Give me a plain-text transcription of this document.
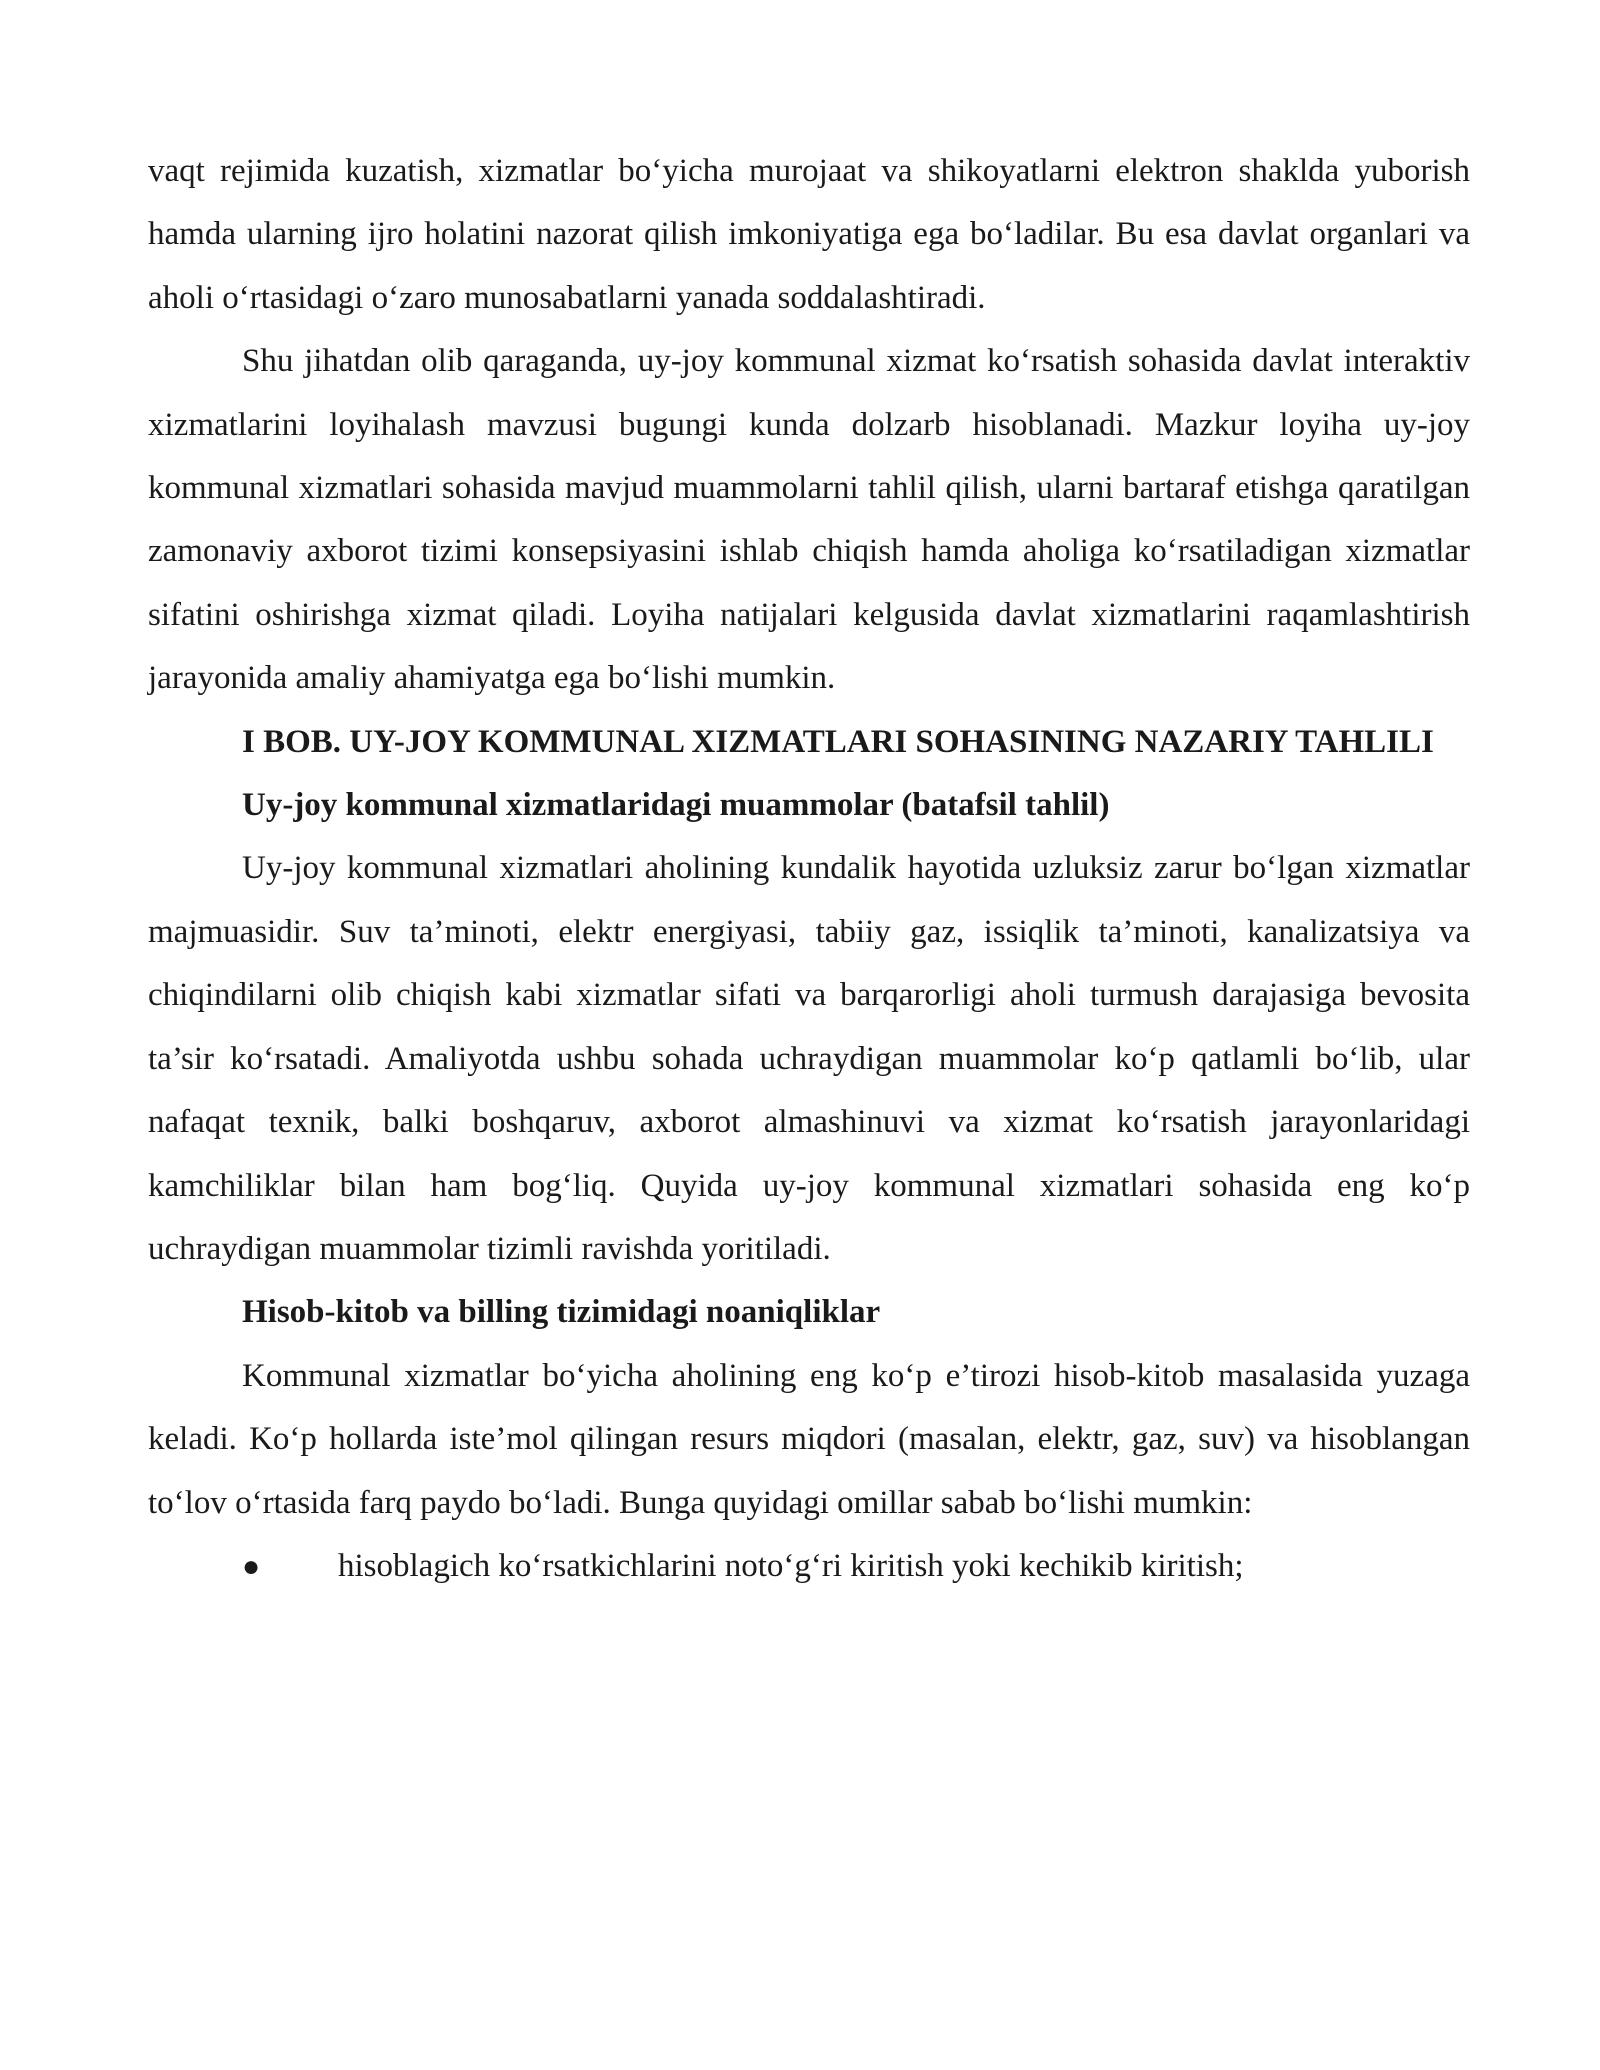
vaqt rejimida kuzatish, xizmatlar bo‘yicha murojaat va shikoyatlarni elektron shaklda yuborish hamda ularning ijro holatini nazorat qilish imkoniyatiga ega bo‘ladilar. Bu esa davlat organlari va aholi o‘rtasidagi o‘zaro munosabatlarni yanada soddalashtiradi.

Shu jihatdan olib qaraganda, uy-joy kommunal xizmat ko‘rsatish sohasida davlat interaktiv xizmatlarini loyihalash mavzusi bugungi kunda dolzarb hisoblanadi. Mazkur loyiha uy-joy kommunal xizmatlari sohasida mavjud muammolarni tahlil qilish, ularni bartaraf etishga qaratilgan zamonaviy axborot tizimi konsepsiyasini ishlab chiqish hamda aholiga ko‘rsatiladigan xizmatlar sifatini oshirishga xizmat qiladi. Loyiha natijalari kelgusida davlat xizmatlarini raqamlashtirish jarayonida amaliy ahamiyatga ega bo‘lishi mumkin.

I BOB. UY-JOY KOMMUNAL XIZMATLARI SOHASINING NAZARIY TAHLILI

Uy-joy kommunal xizmatlaridagi muammolar (batafsil tahlil)

Uy-joy kommunal xizmatlari aholining kundalik hayotida uzluksiz zarur bo‘lgan xizmatlar majmuasidir. Suv ta’minoti, elektr energiyasi, tabiiy gaz, issiqlik ta’minoti, kanalizatsiya va chiqindilarni olib chiqish kabi xizmatlar sifati va barqarorligi aholi turmush darajasiga bevosita ta’sir ko‘rsatadi. Amaliyotda ushbu sohada uchraydigan muammolar ko‘p qatlamli bo‘lib, ular nafaqat texnik, balki boshqaruv, axborot almashinuvi va xizmat ko‘rsatish jarayonlaridagi kamchiliklar bilan ham bog‘liq. Quyida uy-joy kommunal xizmatlari sohasida eng ko‘p uchraydigan muammolar tizimli ravishda yoritiladi.

Hisob-kitob va billing tizimidagi noaniqliklar

Kommunal xizmatlar bo‘yicha aholining eng ko‘p e’tirozi hisob-kitob masalasida yuzaga keladi. Ko‘p hollarda iste’mol qilingan resurs miqdori (masalan, elektr, gaz, suv) va hisoblangan to‘lov o‘rtasida farq paydo bo‘ladi. Bunga quyidagi omillar sabab bo‘lishi mumkin:

● hisoblagich ko‘rsatkichlarini noto‘g‘ri kiritish yoki kechikib kiritish;
